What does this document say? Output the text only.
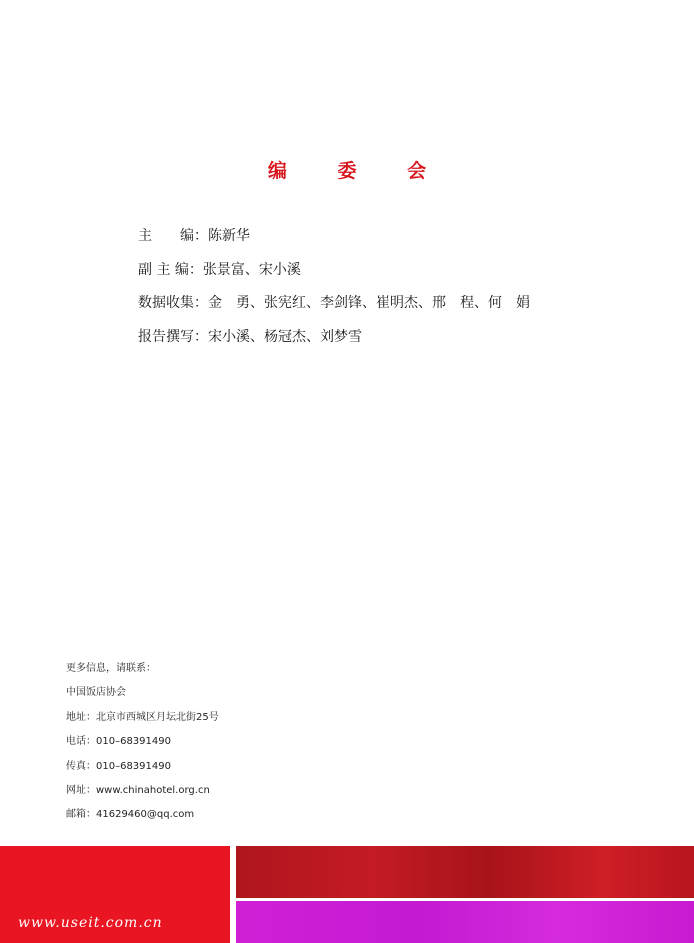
编 委 会
主　　编：陈新华
副 主 编：张景富、宋小溪
数据收集：金　勇、张宪红、李剑锋、崔明杰、邢　程、何　娟
报告撰写：宋小溪、杨冠杰、刘梦雪
更多信息，请联系：
中国饭店协会
地址：北京市西城区月坛北街25号
电话：010–68391490
传真：010–68391490
网址：www.chinahotel.org.cn
邮箱：41629460@qq.com
www.useit.com.cn
